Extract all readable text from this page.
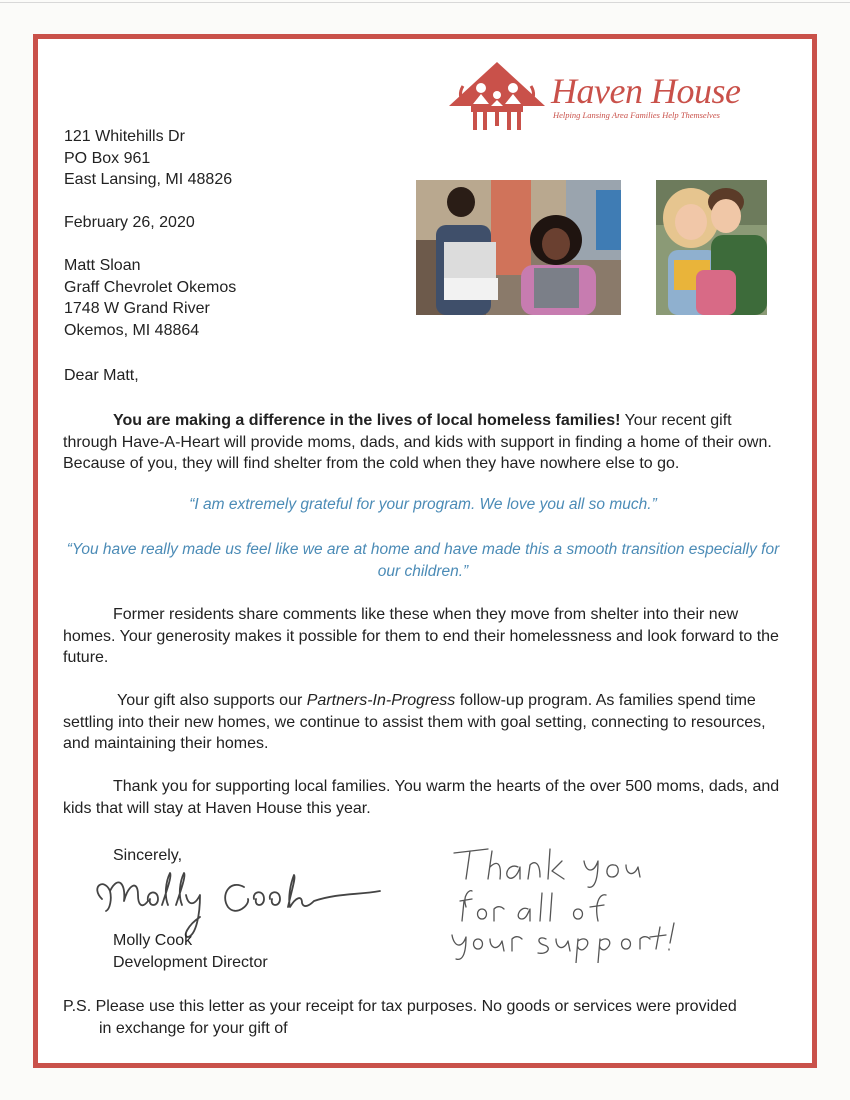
Haven House
Helping Lansing Area Families Help Themselves
121 Whitehills Dr
PO Box 961
East Lansing, MI 48826
February 26, 2020
Matt Sloan
Graff Chevrolet Okemos
1748 W Grand River
Okemos, MI 48864
Dear Matt,
You are making a difference in the lives of local homeless families! Your recent gift through Have-A-Heart will provide moms, dads, and kids with support in finding a home of their own. Because of you, they will find shelter from the cold when they have nowhere else to go.
“I am extremely grateful for your program. We love you all so much.”
“You have really made us feel like we are at home and have made this a smooth transition especially for our children.”
Former residents share comments like these when they move from shelter into their new homes. Your generosity makes it possible for them to end their homelessness and look forward to the future.
Your gift also supports our Partners-In-Progress follow-up program. As families spend time settling into their new homes, we continue to assist them with goal setting, connecting to resources, and maintaining their homes.
Thank you for supporting local families. You warm the hearts of the over 500 moms, dads, and kids that will stay at Haven House this year.
Sincerely,
Molly Cook
Development Director
P.S. Please use this letter as your receipt for tax purposes. No goods or services were provided
in exchange for your gift of
